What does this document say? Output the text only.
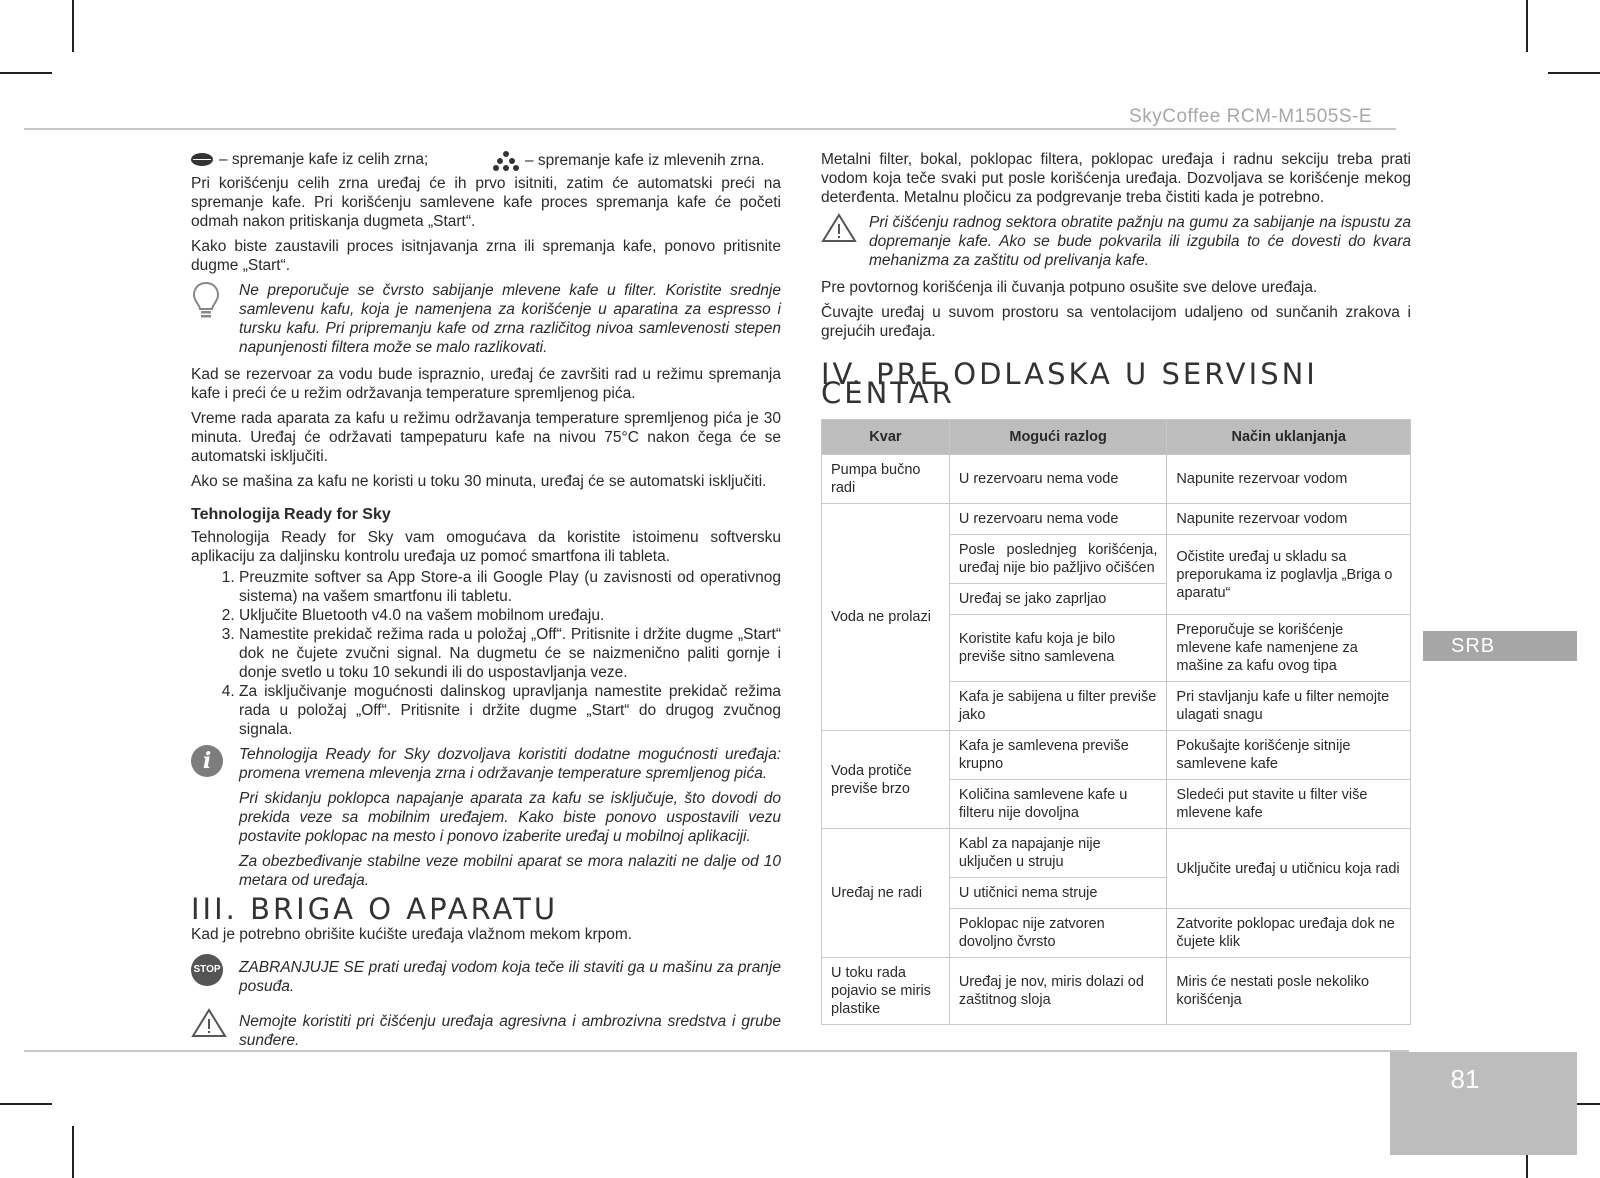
SkyCoffee RCM-M1505S-E
SRB
81
– spremanje kafe iz celih zrna;	– spremanje kafe iz mlevenih zrna.

Pri korišćenju celih zrna uređaj će ih prvo isitniti, zatim će automatski preći na spremanje kafe. Pri korišćenju samlevene kafe proces spremanja kafe će početi odmah nakon pritiskanja dugmeta „Start“.

Kako biste zaustavili proces isitnjavanja zrna ili spremanja kafe, ponovo pritisnite dugme „Start“.

Ne preporučuje se čvrsto sabijanje mlevene kafe u filter. Koristite srednje samlevenu kafu, koja je namenjena za korišćenje u aparatina za espresso i tursku kafu. Pri pripremanju kafe od zrna različitog nivoa samlevenosti stepen napunjenosti filtera može se malo razlikovati.

Kad se rezervoar za vodu bude ispraznio, uređaj će završiti rad u režimu spremanja kafe i preći će u režim održavanja temperature spremljenog pića.

Vreme rada aparata za kafu u režimu održavanja temperature spremljenog pića je 30 minuta. Uređaj će održavati tampераturu kafe na nivou 75°C nakon čega će se automatski isključiti.

Ako se mašina za kafu ne koristi u toku 30 minuta, uređaj će se automatski isključiti.

Tehnologija Ready for Sky

Tehnologija Ready for Sky vam omogućava da koristite istoimenu softversku aplikaciju za daljinsku kontrolu uređaja uz pomoć smartfona ili tableta.

1. Preuzmite softver sa App Store-a ili Google Play (u zavisnosti od operativnog sistema) na vašem smartfonu ili tabletu.
2. Uključite Bluetooth v4.0 na vašem mobilnom uređaju.
3. Namestite prekidač režima rada u položaj „Off“. Pritisnite i držite dugme „Start“ dok ne čujete zvučni signal. Na dugmetu će se naizmenično paliti gornje i donje svetlo u toku 10 sekundi ili do uspostavljanja veze.
4. Za isključivanje mogućnosti dalinskog upravljanja namestite prekidač režima rada u položaj „Off“. Pritisnite i držite dugme „Start“ do drugog zvučnog signala.
i	Tehnologija Ready for Sky dozvoljava koristiti dodatne mogućnosti uređaja: promena vremena mlevenja zrna i održavanje temperature spremljenog pića.

Pri skidanju poklopca napajanje aparata za kafu se isključuje, što dovodi do prekida veze sa mobilnim uređajem. Kako biste ponovo uspostavili vezu postavite poklopac na mesto i ponovo izaberite uređaj u mobilnoj aplikaciji.

Za obezbeđivanje stabilne veze mobilni aparat se mora nalaziti ne dalje od 10 metara od uređaja.

III. BRIGA O APARATU

Kad je potrebno obrišite kućište uređaja vlažnom mekom krpom.

STOP ZABRANJUJE SE prati uređaj vodom koja teče ili staviti ga u mašinu za pranje posuđa.

Nemojte koristiti pri čišćenju uređaja agresivna i ambrozivna sredstva i grube sunđere.

Metalni filter, bokal, poklopac filtera, poklopac uređaja i radnu sekciju treba prati vodom koja teče svaki put posle korišćenja uređaja. Dozvoljava se korišćenje mekog deterđenta. Metalnu pločicu za podgrevanje treba čistiti kada je potrebno.

Pri čišćenju radnog sektora obratite pažnju na gumu za sabijanje na ispustu za dopremanje kafe. Ako se bude pokvarila ili izgubila to će dovesti do kvara mehanizma za zaštitu od prelivanja kafe.

Pre povtornog korišćenja ili čuvanja potpuno osušite sve delove uređaja.

Čuvajte uređaj u suvom prostoru sa ventolacijom udaljeno od sunčanih zrakova i grejućih uređaja.

IV. PRE ODLASKA U SERVISNI CENTAR
Kvar	Mogući razlog	Način uklanjanja
Pumpa bučno radi	U rezervoaru nema vode	Napunite rezervoar vodom
Voda ne prolazi	U rezervoaru nema vode	Napunite rezervoar vodom
	Posle poslednjeg korišćenja, uređaj nije bio pažljivo očišćen	Očistite uređaj u skladu sa preporukama iz poglavlja „Briga o aparatu“
	Uređaj se jako zaprljao	
	Koristite kafu koja je bilo previše sitno samlevena	Preporučuje se korišćenje mlevene kafe namenjene za mašine za kafu ovog tipa
	Kafa je sabijena u filter previše jako	Pri stavljanju kafe u filter nemojte ulagati snagu
Voda protiče previše brzo	Kafa je samlevena previše krupno	Pokušajte korišćenje sitnije samlevene kafe
	Količina samlevene kafe u filteru nije dovoljna	Sledeći put stavite u filter više mlevene kafe
Uređaj ne radi	Kabl za napajanje nije uključen u struju	Uključite uređaj u utičnicu koja radi
	U utičnici nema struje	
	Poklopac nije zatvoren dovoljno čvrsto	Zatvorite poklopac uređaja dok ne čujete klik
U toku rada pojavio se miris plastike	Uređaj je nov, miris dolazi od zaštitnog sloja	Miris će nestati posle nekoliko korišćenja
